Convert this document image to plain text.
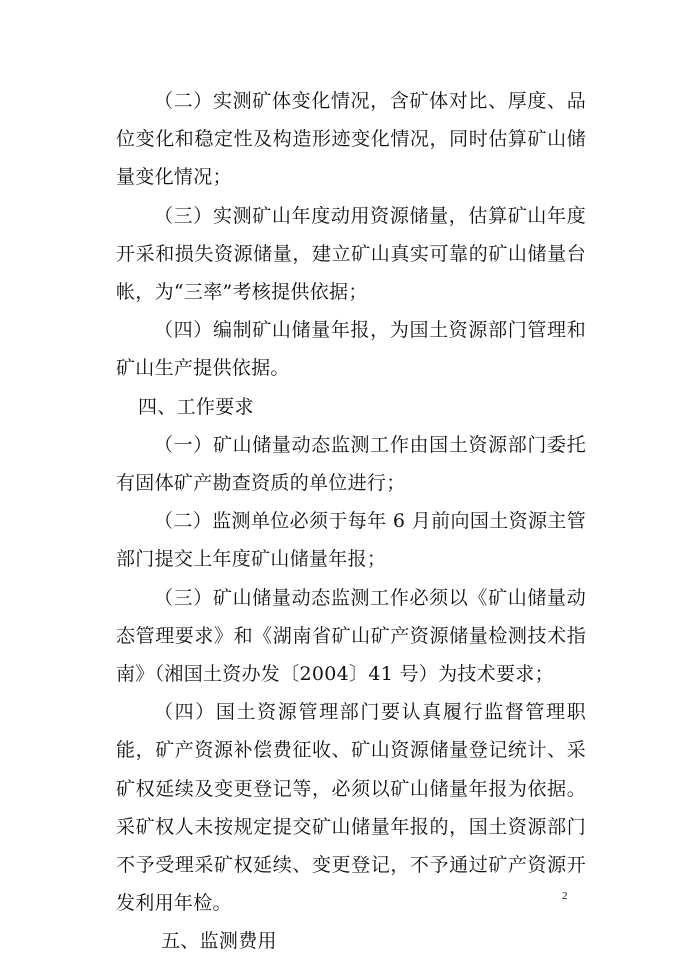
（二）实测矿体变化情况，含矿体对比、厚度、品位变化和稳定性及构造形迹变化情况，同时估算矿山储量变化情况；

（三）实测矿山年度动用资源储量，估算矿山年度开采和损失资源储量，建立矿山真实可靠的矿山储量台帐，为“三率”考核提供依据；

（四）编制矿山储量年报，为国土资源部门管理和矿山生产提供依据。

四、工作要求

（一）矿山储量动态监测工作由国土资源部门委托有固体矿产勘查资质的单位进行；

（二）监测单位必须于每年 6 月前向国土资源主管部门提交上年度矿山储量年报；

（三）矿山储量动态监测工作必须以《矿山储量动态管理要求》和《湖南省矿山矿产资源储量检测技术指南》（湘国土资办发〔2004〕41 号）为技术要求；

（四）国土资源管理部门要认真履行监督管理职能，矿产资源补偿费征收、矿山资源储量登记统计、采矿权延续及变更登记等，必须以矿山储量年报为依据。采矿权人未按规定提交矿山储量年报的，国土资源部门不予受理采矿权延续、变更登记，不予通过矿产资源开发利用年检。

五、监测费用

2
